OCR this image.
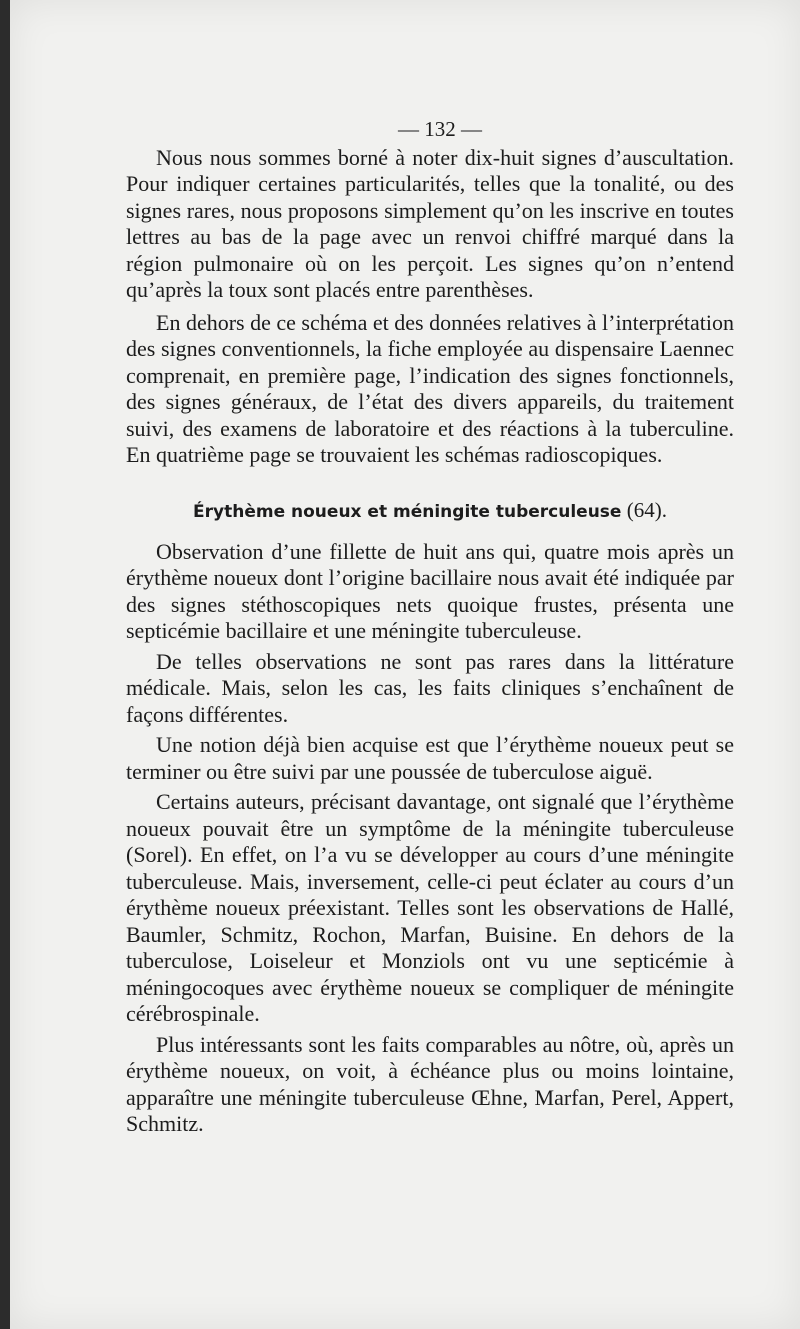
— 132 —

Nous nous sommes borné à noter dix-huit signes d’auscultation. Pour indiquer certaines particularités, telles que la tonalité, ou des signes rares, nous proposons simplement qu’on les inscrive en toutes lettres au bas de la page avec un renvoi chiffré marqué dans la région pulmonaire où on les perçoit. Les signes qu’on n’entend qu’après la toux sont placés entre parenthèses.

En dehors de ce schéma et des données relatives à l’interprétation des signes conventionnels, la fiche employée au dispensaire Laennec comprenait, en première page, l’indication des signes fonctionnels, des signes généraux, de l’état des divers appareils, du traitement suivi, des examens de laboratoire et des réactions à la tuberculine. En quatrième page se trouvaient les schémas radioscopiques.

Érythème noueux et méningite tuberculeuse (64).

Observation d’une fillette de huit ans qui, quatre mois après un érythème noueux dont l’origine bacillaire nous avait été indiquée par des signes stéthoscopiques nets quoique frustes, présenta une septicémie bacillaire et une méningite tuberculeuse.

De telles observations ne sont pas rares dans la littérature médicale. Mais, selon les cas, les faits cliniques s’enchaînent de façons différentes.

Une notion déjà bien acquise est que l’érythème noueux peut se terminer ou être suivi par une poussée de tuberculose aiguë.

Certains auteurs, précisant davantage, ont signalé que l’érythème noueux pouvait être un symptôme de la méningite tuberculeuse (Sorel). En effet, on l’a vu se développer au cours d’une méningite tuberculeuse. Mais, inversement, celle-ci peut éclater au cours d’un érythème noueux préexistant. Telles sont les observations de Hallé, Baumler, Schmitz, Rochon, Marfan, Buisine. En dehors de la tuberculose, Loiseleur et Monziols ont vu une septicémie à méningocoques avec érythème noueux se compliquer de méningite cérébrospinale.

Plus intéressants sont les faits comparables au nôtre, où, après un érythème noueux, on voit, à échéance plus ou moins lointaine, apparaître une méningite tuberculeuse Œhne, Marfan, Perel, Appert, Schmitz.
